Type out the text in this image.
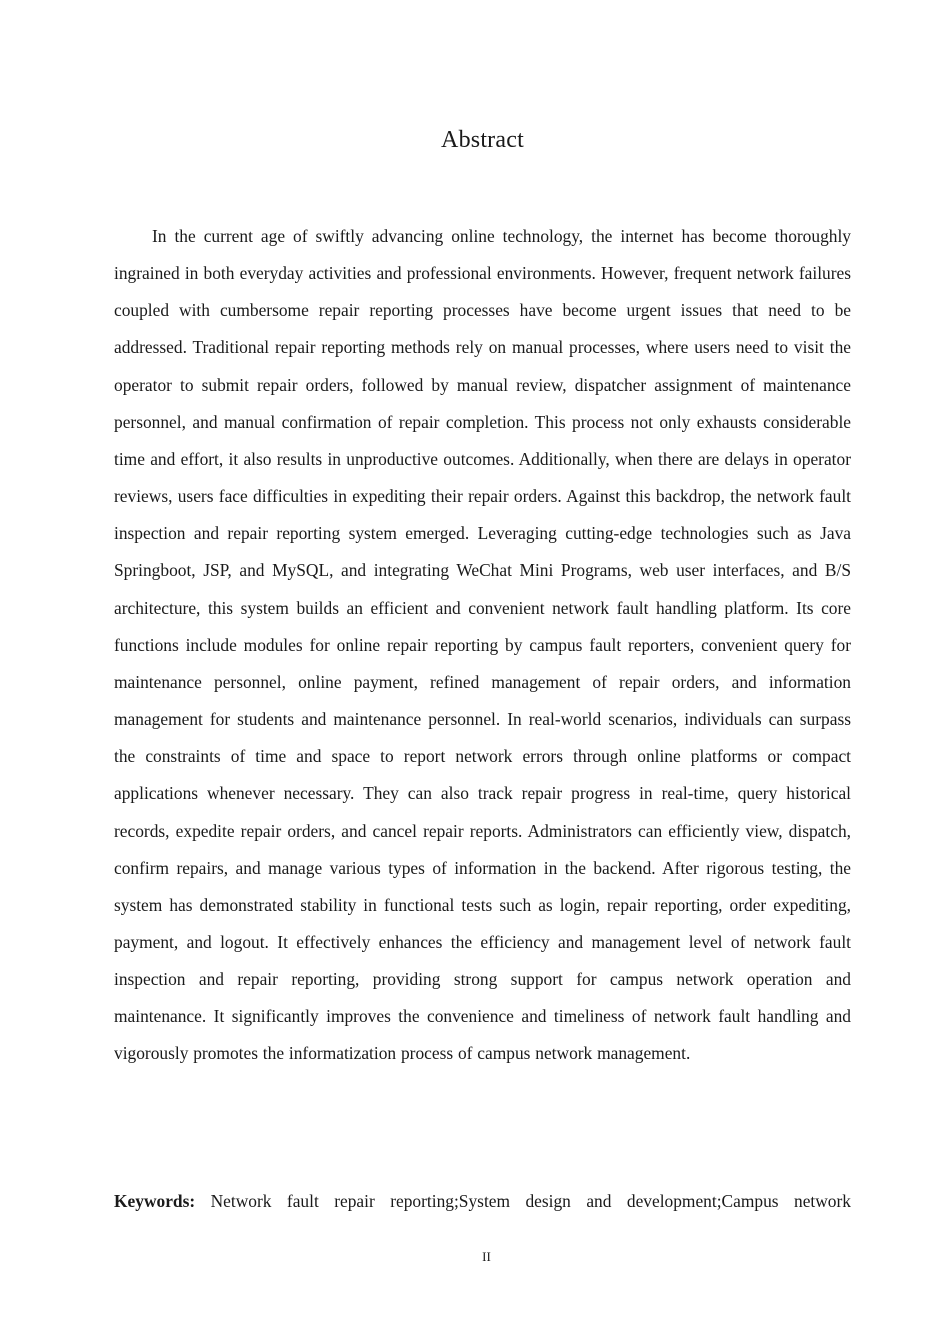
Abstract

In the current age of swiftly advancing online technology, the internet has become thoroughly ingrained in both everyday activities and professional environments. However, frequent network failures coupled with cumbersome repair reporting processes have become urgent issues that need to be addressed. Traditional repair reporting methods rely on manual processes, where users need to visit the operator to submit repair orders, followed by manual review, dispatcher assignment of maintenance personnel, and manual confirmation of repair completion. This process not only exhausts considerable time and effort, it also results in unproductive outcomes. Additionally, when there are delays in operator reviews, users face difficulties in expediting their repair orders. Against this backdrop, the network fault inspection and repair reporting system emerged. Leveraging cutting-edge technologies such as Java Springboot, JSP, and MySQL, and integrating WeChat Mini Programs, web user interfaces, and B/S architecture, this system builds an efficient and convenient network fault handling platform. Its core functions include modules for online repair reporting by campus fault reporters, convenient query for maintenance personnel, online payment, refined management of repair orders, and information management for students and maintenance personnel. In real-world scenarios, individuals can surpass the constraints of time and space to report network errors through online platforms or compact applications whenever necessary. They can also track repair progress in real-time, query historical records, expedite repair orders, and cancel repair reports. Administrators can efficiently view, dispatch, confirm repairs, and manage various types of information in the backend. After rigorous testing, the system has demonstrated stability in functional tests such as login, repair reporting, order expediting, payment, and logout. It effectively enhances the efficiency and management level of network fault inspection and repair reporting, providing strong support for campus network operation and maintenance. It significantly improves the convenience and timeliness of network fault handling and vigorously promotes the informatization process of campus network management.

Keywords: Network fault repair reporting;System design and development;Campus network

II
